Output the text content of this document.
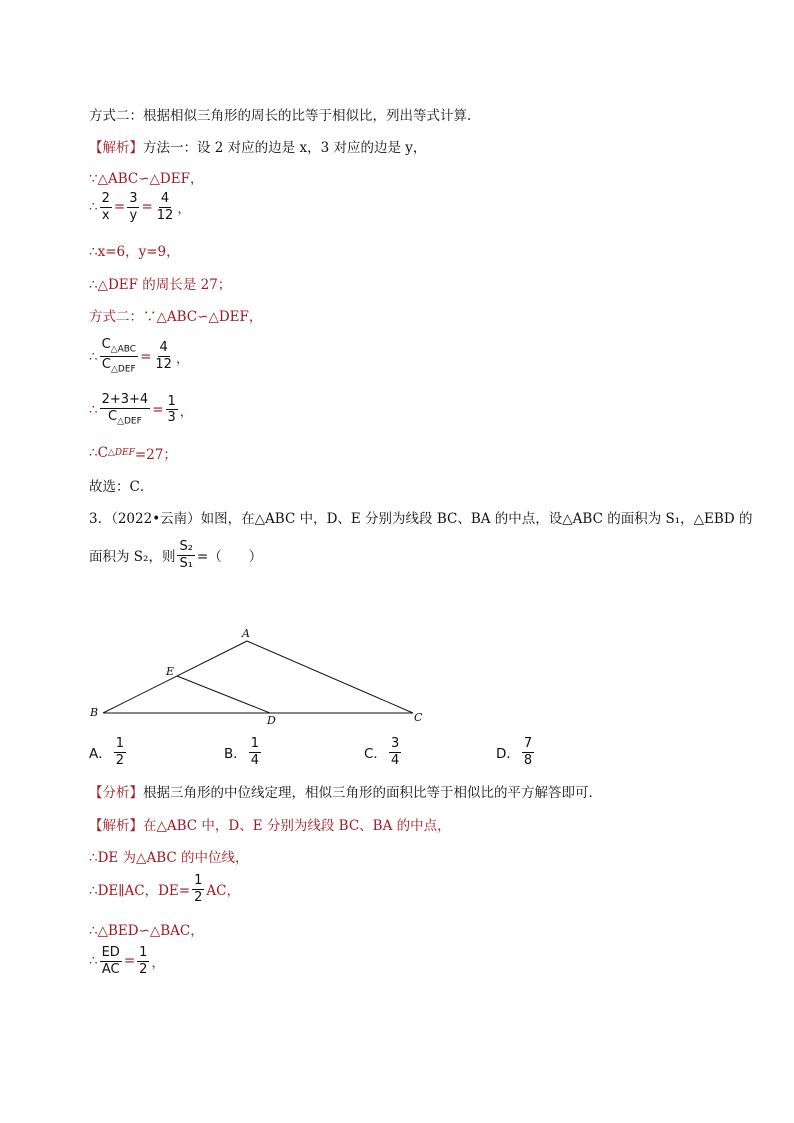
方式二：根据相似三角形的周长的比等于相似比，列出等式计算．
【解析】 方法一：设 2 对应的边是 x，3 对应的边是 y，
∵△ABC∽△DEF，
∴ $\frac{2}{x} = \frac{3}{y} = \frac{4}{12}$ ，
∴x=6，y=9，
∴△DEF 的周长是 27；
方式二：∵△ABC∽△DEF，
∴ $\frac{C_{\triangle ABC}}{C_{\triangle DEF}} = \frac{4}{12}$ ，
∴ $\frac{2+3+4}{C_{\triangle DEF}} = \frac{1}{3}$ ，
∴C △DEF =27；
故选：C．
3．（2022•云南）如图，在△ABC 中，D、E 分别为线段 BC、BA 的中点，设△ABC 的面积为 S₁，△EBD 的
面积为 S₂，则 $\frac{\text{S₂}}{\text{S₁}}$ =（　　）
A
E
B
D	C
A． $\frac{1}{2}$	B． $\frac{1}{4}$	C． $\frac{3}{4}$	D． $\frac{7}{8}$
【分析】 根据三角形的中位线定理，相似三角形的面积比等于相似比的平方解答即可．
【解析】 在△ABC 中，D、E 分别为线段 BC、BA 的中点，
∴DE 为△ABC 的中位线，
∴DE∥AC，$DE= \frac{1}{2}$ AC，
∴△BED∽△BAC，
∴ $\frac{ED}{AC} = \frac{1}{2}$ ，
